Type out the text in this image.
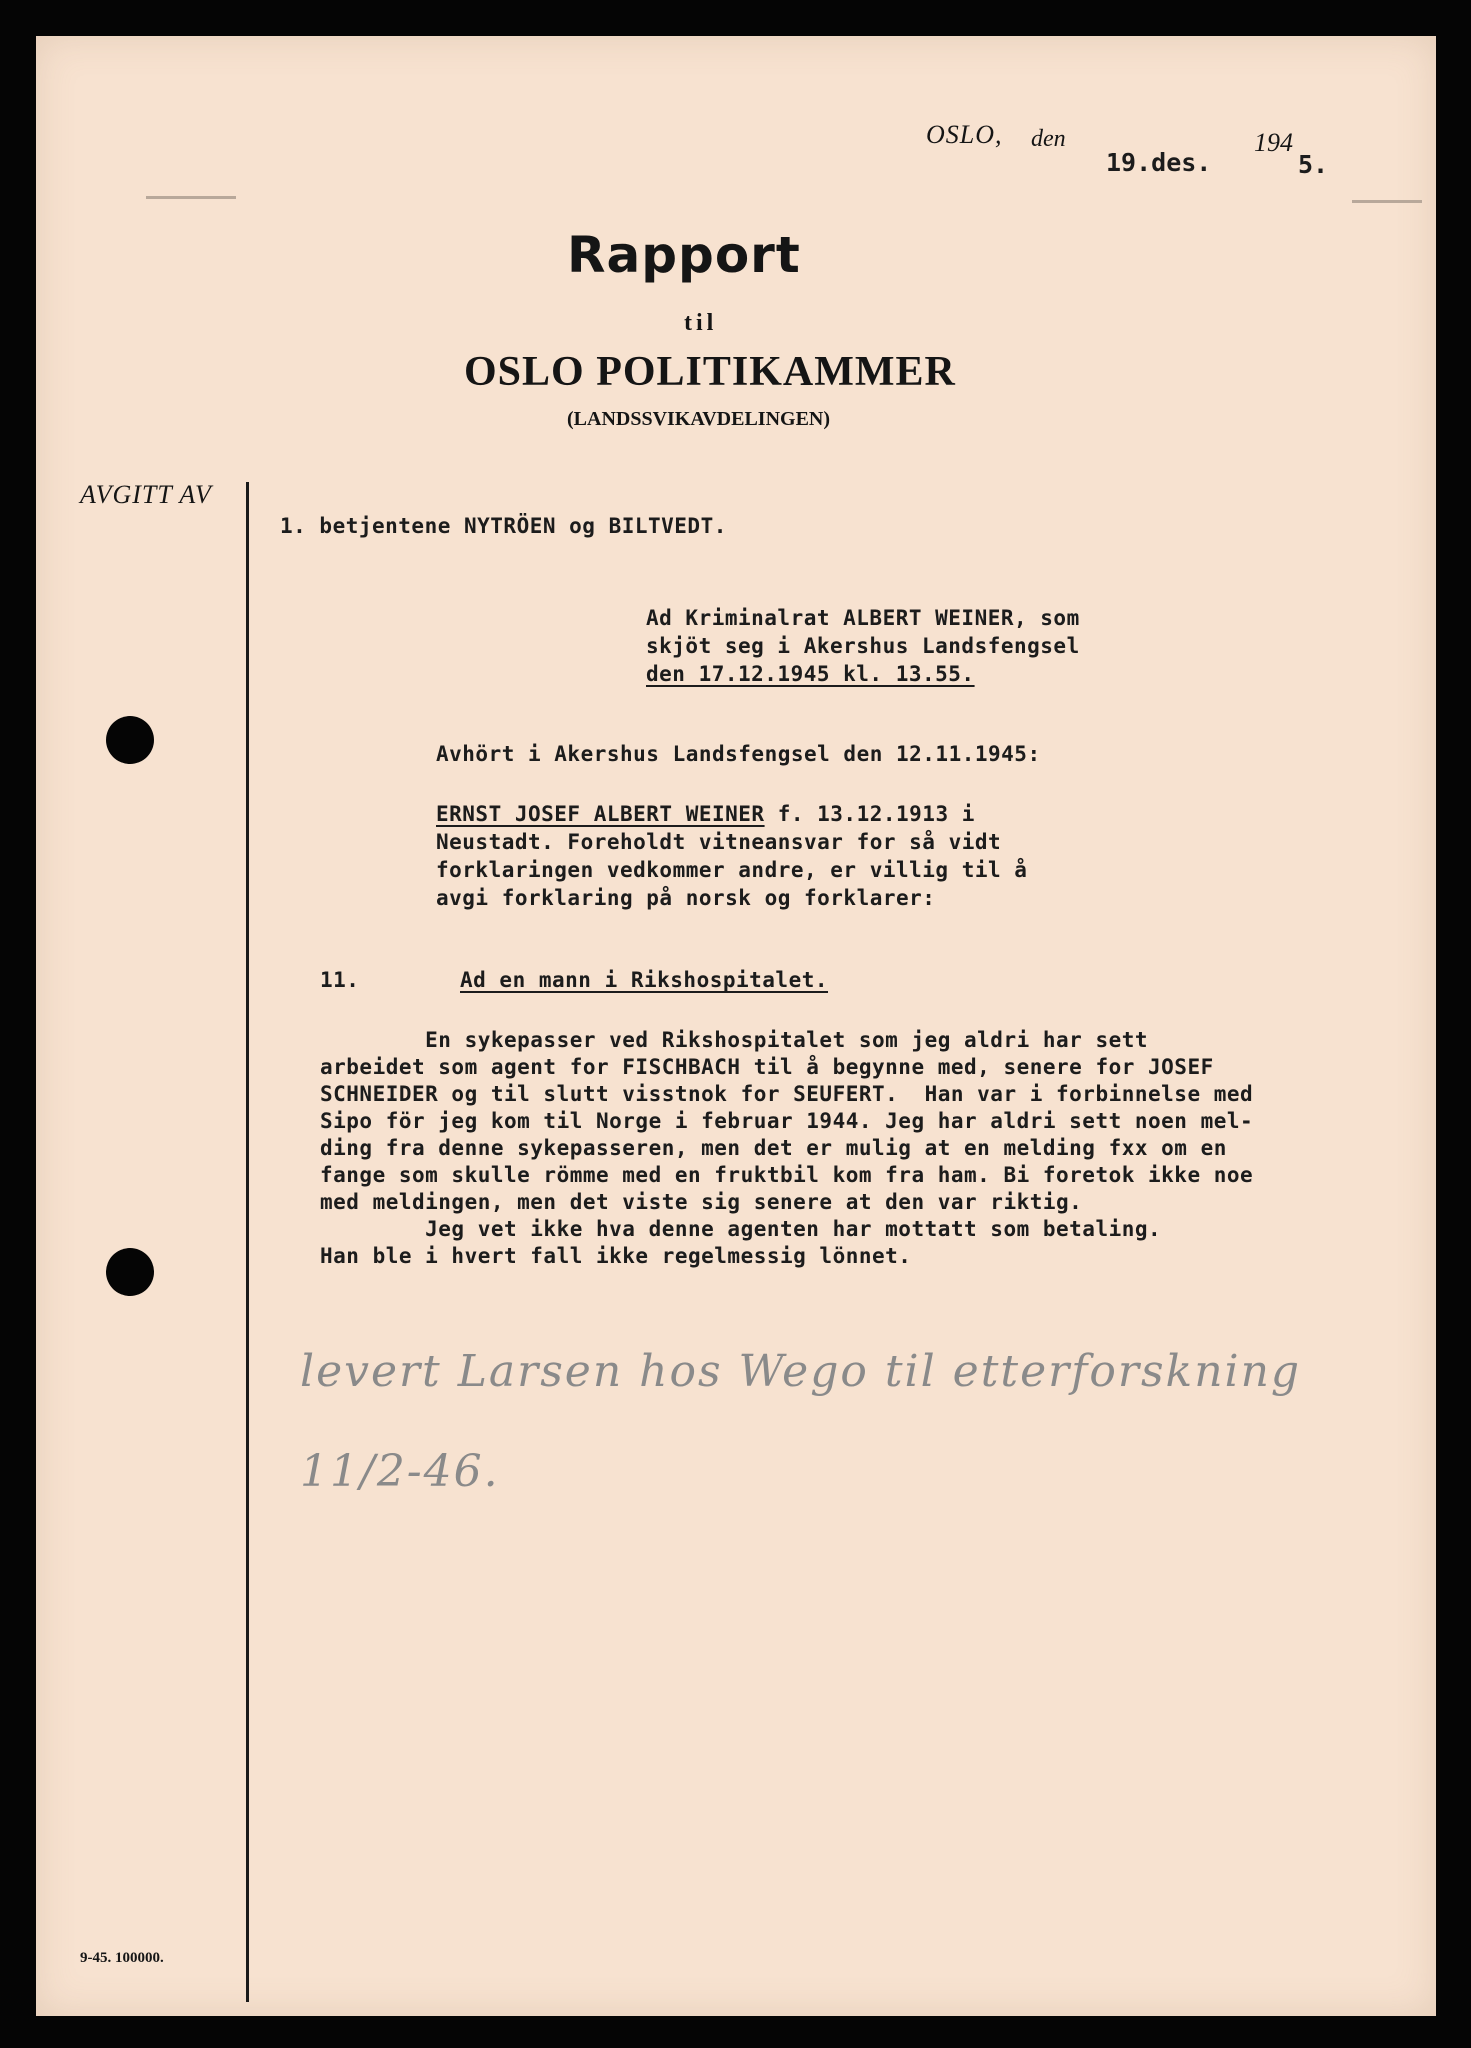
OSLO, den
19.des.
194
5.
Rapport
til
OSLO POLITIKAMMER
(LANDSSVIKAVDELINGEN)
AVGITT AV
1. betjentene NYTRÖEN og BILTVEDT.
Ad Kriminalrat ALBERT WEINER, som
skjöt seg i Akershus Landsfengsel
den 17.12.1945 kl. 13.55.
Avhört i Akershus Landsfengsel den 12.11.1945:
ERNST JOSEF ALBERT WEINER f. 13.12.1913 i
Neustadt. Foreholdt vitneansvar for så vidt
forklaringen vedkommer andre, er villig til å
avgi forklaring på norsk og forklarer:
11.	Ad en mann i Rikshospitalet.
En sykepasser ved Rikshospitalet som jeg aldri har sett
arbeidet som agent for FISCHBACH til å begynne med, senere for JOSEF
SCHNEIDER og til slutt visstnok for SEUFERT.  Han var i forbinnelse med
Sipo för jeg kom til Norge i februar 1944. Jeg har aldri sett noen mel-
ding fra denne sykepasseren, men det er mulig at en melding fxx om en
fange som skulle römme med en fruktbil kom fra ham. Bi foretok ikke noe
med meldingen, men det viste sig senere at den var riktig.
Jeg vet ikke hva denne agenten har mottatt som betaling.
Han ble i hvert fall ikke regelmessig lönnet.
levert Larsen hos Wego til etterforskning
11/2-46.
9-45. 100000.
